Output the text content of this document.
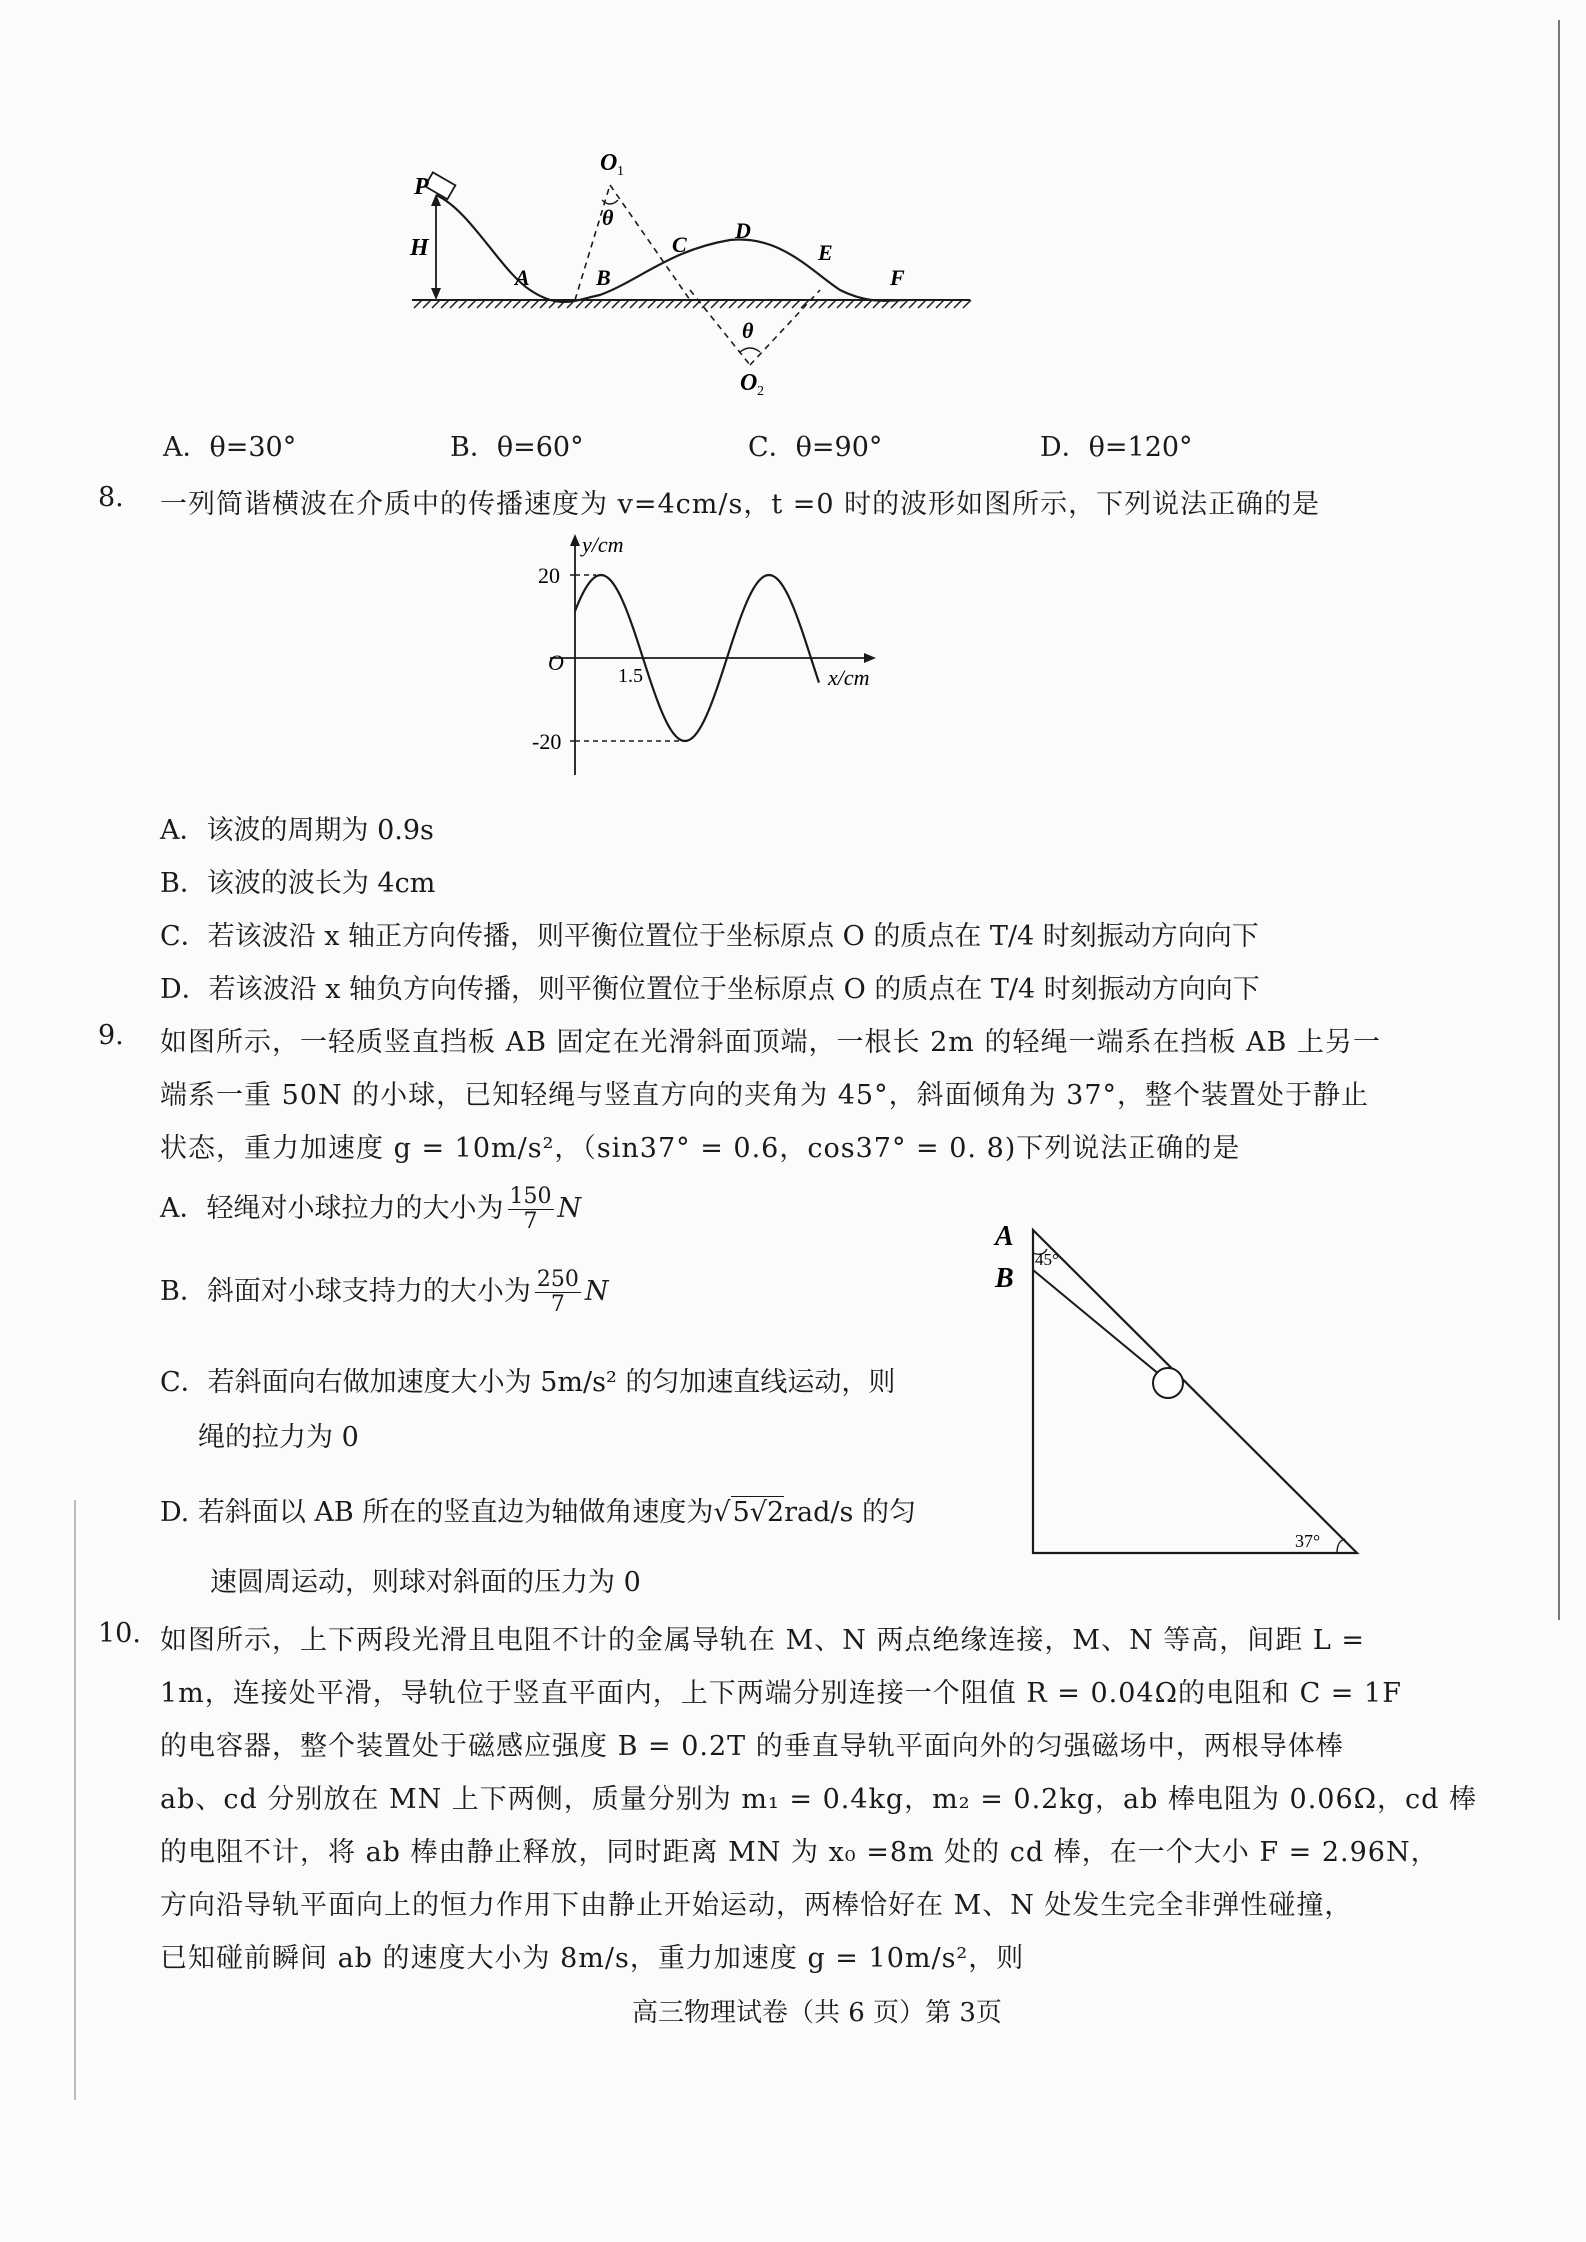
P
H
O 1
θ
A	B
C
D
E
F
θ
O 2
A．θ=30°	B．θ=60°	C．θ=90°	D．θ=120°
8. 一列简谐横波在介质中的传播速度为 v=4cm/s，t =0 时的波形如图所示，下列说法正确的是
y/cm
20
O
1.5	x/cm
-20
A．该波的周期为 0.9s
B．该波的波长为 4cm
C．若该波沿 x 轴正方向传播，则平衡位置位于坐标原点 O 的质点在 T/4 时刻振动方向向下
D．若该波沿 x 轴负方向传播，则平衡位置位于坐标原点 O 的质点在 T/4 时刻振动方向向下
9. 如图所示，一轻质竖直挡板 AB 固定在光滑斜面顶端，一根长 2m 的轻绳一端系在挡板 AB 上另一
端系一重 50N 的小球，已知轻绳与竖直方向的夹角为 45°，斜面倾角为 37°，整个装置处于静止
状态，重力加速度 g = 10m/s²，（sin37° = 0.6，cos37° = 0. 8)下列说法正确的是
A．轻绳对小球拉力的大小为 $\frac{150}{7}$ N
B．斜面对小球支持力的大小为 $\frac{250}{7}$ N
C．若斜面向右做加速度大小为 5m/s² 的匀加速直线运动，则
绳的拉力为 0
D. 若斜面以 AB 所在的竖直边为轴做角速度为√5√2rad/s 的匀
速圆周运动，则球对斜面的压力为 0
A
B
45°
37°
10. 如图所示，上下两段光滑且电阻不计的金属导轨在 M、N 两点绝缘连接，M、N 等高，间距 L =
1m，连接处平滑，导轨位于竖直平面内，上下两端分别连接一个阻值 R = 0.04Ω的电阻和 C = 1F
的电容器，整个装置处于磁感应强度 B = 0.2T 的垂直导轨平面向外的匀强磁场中，两根导体棒
ab、cd 分别放在 MN 上下两侧，质量分别为 m₁ = 0.4kg，m₂ = 0.2kg，ab 棒电阻为 0.06Ω，cd 棒
的电阻不计，将 ab 棒由静止释放，同时距离 MN 为 x₀ =8m 处的 cd 棒，在一个大小 F = 2.96N，
方向沿导轨平面向上的恒力作用下由静止开始运动，两棒恰好在 M、N 处发生完全非弹性碰撞，
已知碰前瞬间 ab 的速度大小为 8m/s，重力加速度 g = 10m/s²，则
高三物理试卷（共 6 页）第 3页
